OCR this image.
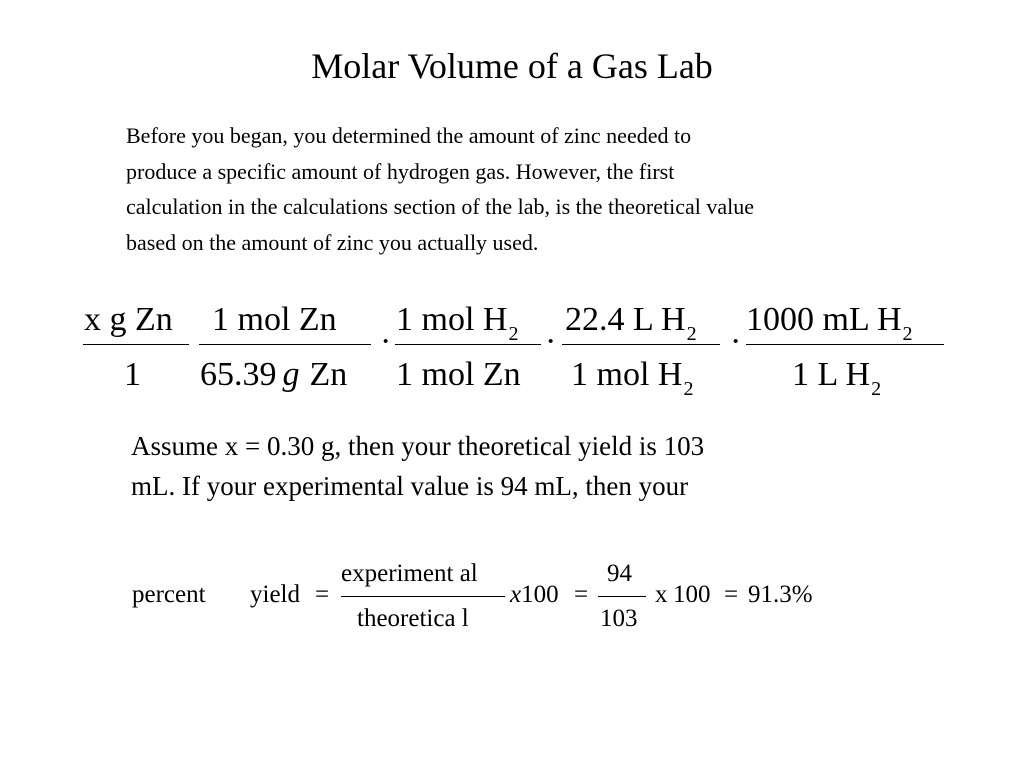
Molar Volume of a Gas Lab
Before you began, you determined the amount of zinc needed to
produce a specific amount of hydrogen gas. However, the first
calculation in the calculations section of the lab, is the theoretical value
based on the amount of zinc you actually used.
x g Zn
1
1 mol Zn
65.39 g Zn
·
1 mol $H_2$
1 mol Zn
·
22.4 L $H_2$
1 mol $H_2$
·
1000 mL $H_2$
1 L $H_2$
Assume x = 0.30 g, then your theoretical yield is 103
mL. If your experimental value is 94 mL, then your
percent yield =
experiment al
theoretica l
x100 =
94
103
x 100 = 91.3%
